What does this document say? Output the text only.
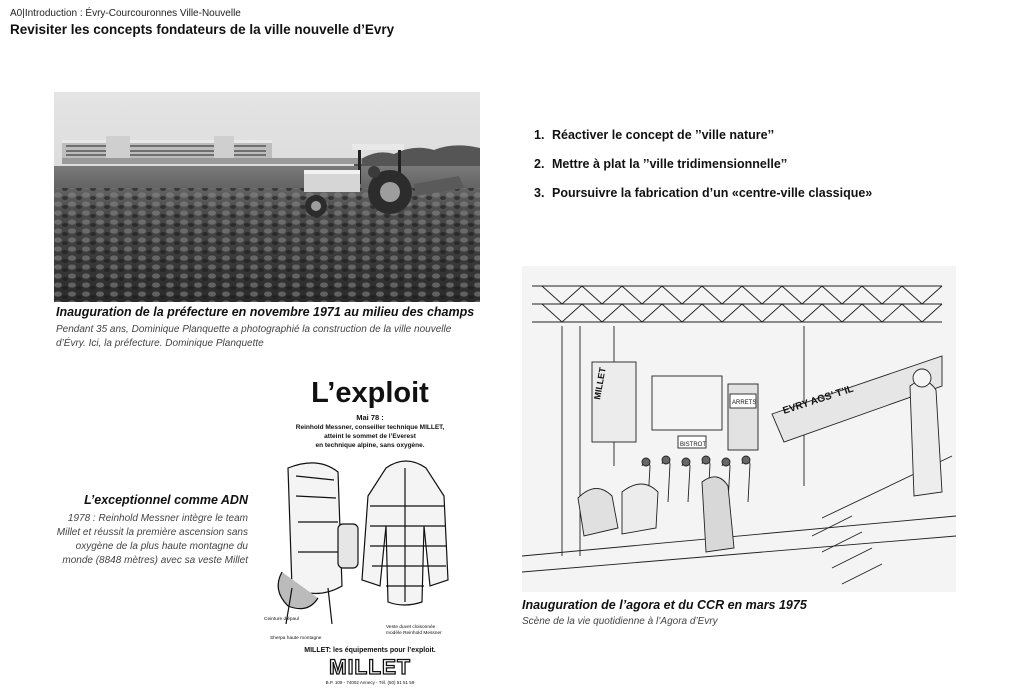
A0|Introduction : Évry-Courcouronnes Ville-Nouvelle
Revisiter les concepts fondateurs de la ville nouvelle d’Evry
Inauguration de la préfecture en novembre 1971 au milieu des champs
Pendant 35 ans, Dominique Planquette a photographié la construction de la ville nouvelle
d’Évry. Ici, la préfecture. Dominique Planquette
1. Réactiver le concept de ’’ville nature’’
2. Mettre à plat la ’’ville tridimensionnelle’’
3. Poursuivre la fabrication d’un «centre-ville classique»
L’exceptionnel comme ADN
1978 : Reinhold Messner intègre le team
Millet et réussit la première ascension sans
oxygène de la plus haute montagne du
monde (8848 mètres) avec sa veste Millet
L’exploit
Mai 78 :
Reinhold Messner, conseiller technique MILLET,
atteint le sommet de l’Everest
en technique alpine, sans oxygène.
Ceinture d’épaul
Sherpa haute montagne
Veste duvet cloisonnée
modèle Reinhold Messner
MILLET: les équipements pour l’exploit.
MILLET
B.P. 109 - 74002 Annecy - Tél. (50) 51 51 59
MILLET	EVRY AGS’ T’IL
BISTROT
ARRETS
Inauguration de l’agora et du CCR en mars 1975
Scène de la vie quotidienne à l’Agora d’Evry
